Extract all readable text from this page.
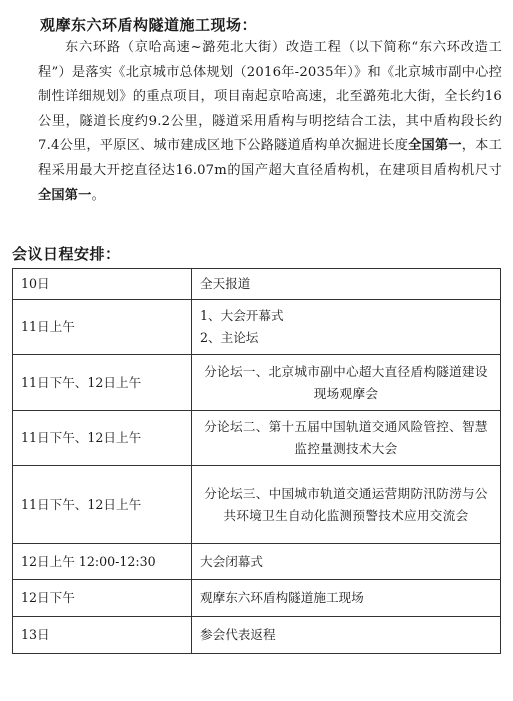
观摩东六环盾构隧道施工现场：

东六环路（京哈高速~潞苑北大街）改造工程（以下简称“东六环改造工程”）是落实《北京城市总体规划（2016年-2035年）》和《北京城市副中心控制性详细规划》的重点项目，项目南起京哈高速，北至潞苑北大街，全长约16公里，隧道长度约9.2公里，隧道采用盾构与明挖结合工法，其中盾构段长约7.4公里，平原区、城市建成区地下公路隧道盾构单次掘进长度全国第一，本工程采用最大开挖直径达16.07m的国产超大直径盾构机，在建项目盾构机尺寸全国第一。

会议日程安排：
10日	全天报道
11日上午	1、大会开幕式
2、主论坛

11日下午、12日上午	分论坛一、北京城市副中心超大直径盾构隧道建设现场观摩会
11日下午、12日上午	分论坛二、第十五届中国轨道交通风险管控、智慧监控量测技术大会
11日下午、12日上午	分论坛三、中国城市轨道交通运营期防汛防涝与公共环境卫生自动化监测预警技术应用交流会
12日上午 12:00-12:30	大会闭幕式
12日下午	观摩东六环盾构隧道施工现场
13日	参会代表返程
